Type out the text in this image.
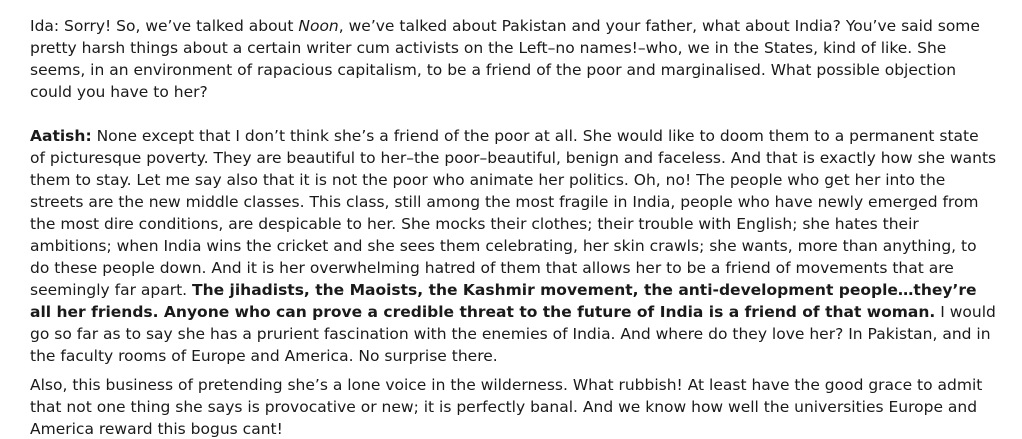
Ida: Sorry! So, we’ve talked about Noon, we’ve talked about Pakistan and your father, what about India? You’ve said some pretty harsh things about a certain writer cum activists on the Left–no names!–who, we in the States, kind of like. She seems, in an environment of rapacious capitalism, to be a friend of the poor and marginalised. What possible objection could you have to her?

Aatish: None except that I don’t think she’s a friend of the poor at all. She would like to doom them to a permanent state of picturesque poverty. They are beautiful to her–the poor–beautiful, benign and faceless. And that is exactly how she wants them to stay. Let me say also that it is not the poor who animate her politics. Oh, no! The people who get her into the streets are the new middle classes. This class, still among the most fragile in India, people who have newly emerged from the most dire conditions, are despicable to her. She mocks their clothes; their trouble with English; she hates their ambitions; when India wins the cricket and she sees them celebrating, her skin crawls; she wants, more than anything, to do these people down. And it is her overwhelming hatred of them that allows her to be a friend of movements that are seemingly far apart. The jihadists, the Maoists, the Kashmir movement, the anti-development people…they’re all her friends. Anyone who can prove a credible threat to the future of India is a friend of that woman. I would go so far as to say she has a prurient fascination with the enemies of India. And where do they love her? In Pakistan, and in the faculty rooms of Europe and America. No surprise there.

Also, this business of pretending she’s a lone voice in the wilderness. What rubbish! At least have the good grace to admit that not one thing she says is provocative or new; it is perfectly banal. And we know how well the universities Europe and America reward this bogus cant!
